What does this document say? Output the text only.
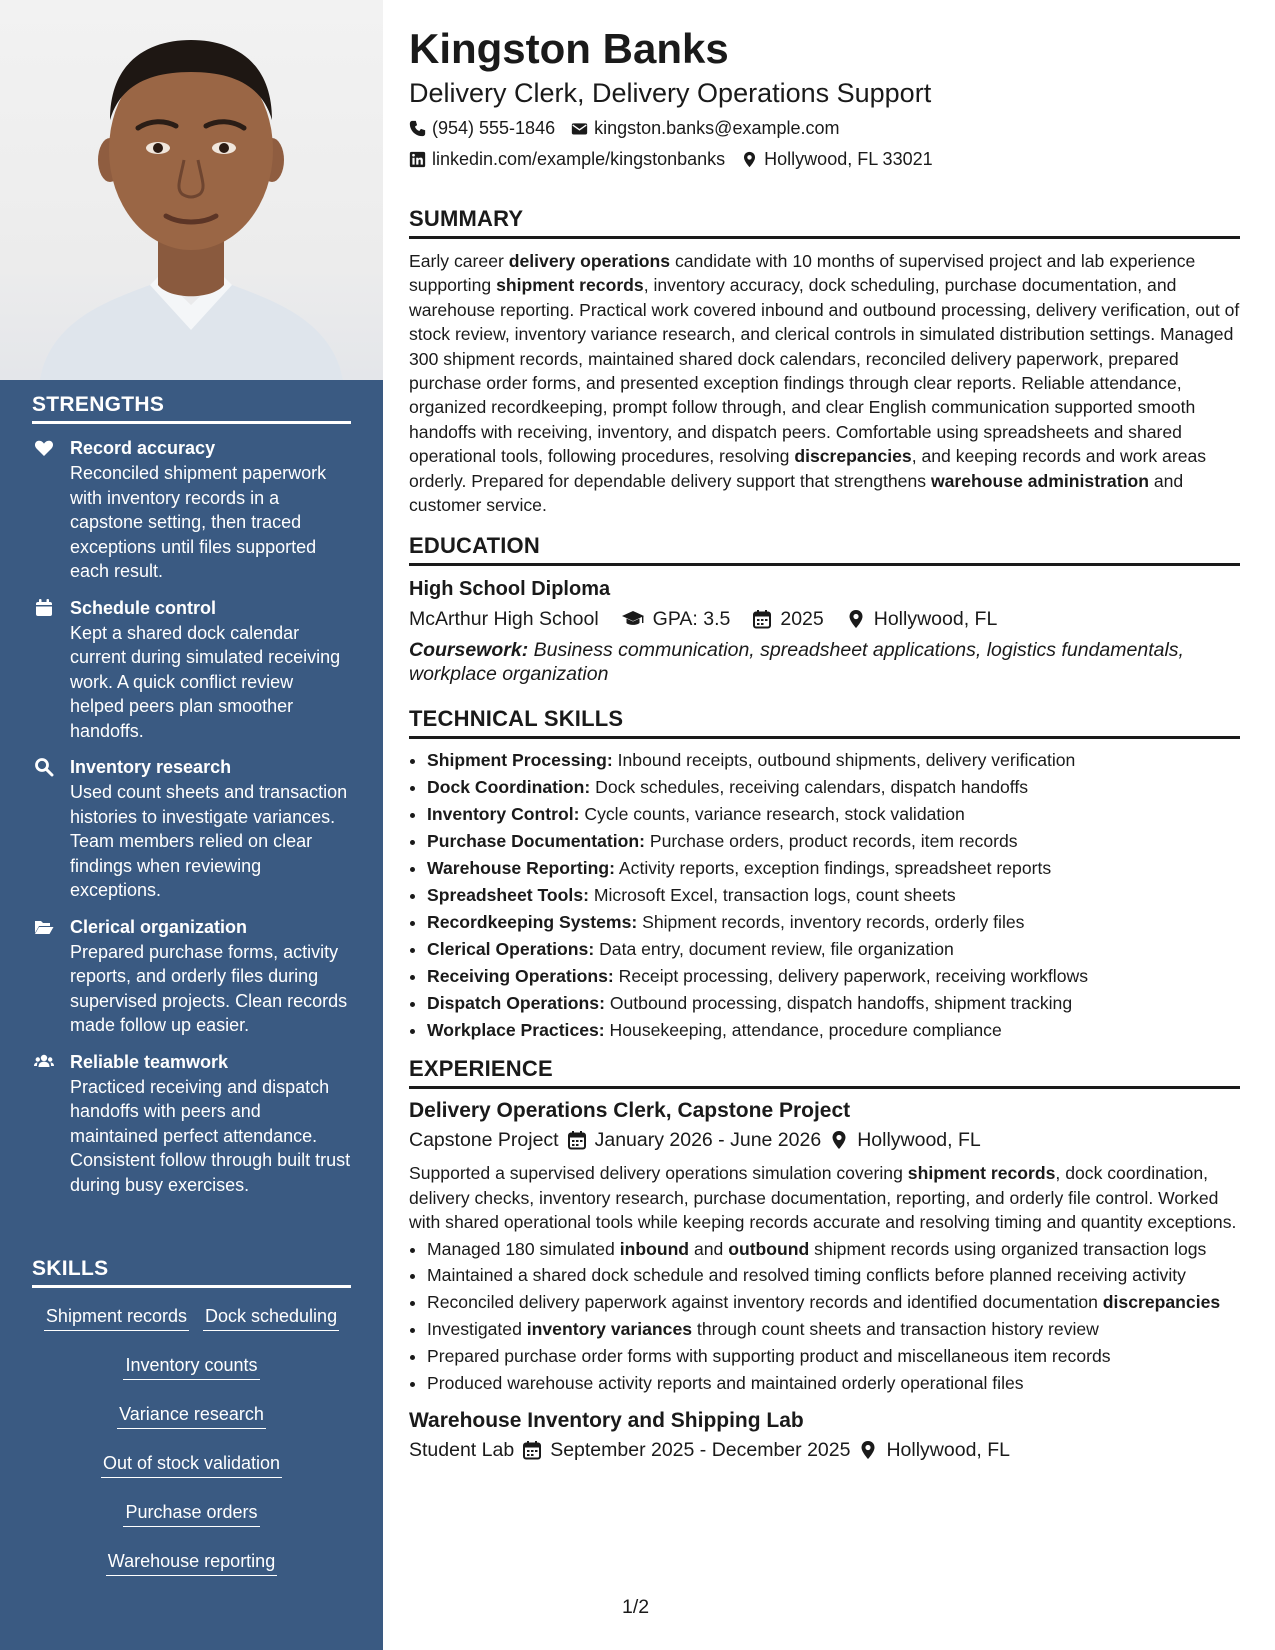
STRENGTHS
Record accuracy
Reconciled shipment paperwork with inventory records in a capstone setting, then traced exceptions until files supported each result.
Schedule control
Kept a shared dock calendar current during simulated receiving work. A quick conflict review helped peers plan smoother handoffs.
Inventory research
Used count sheets and transaction histories to investigate variances. Team members relied on clear findings when reviewing exceptions.
Clerical organization
Prepared purchase forms, activity reports, and orderly files during supervised projects. Clean records made follow up easier.
Reliable teamwork
Practiced receiving and dispatch handoffs with peers and maintained perfect attendance. Consistent follow through built trust during busy exercises.
SKILLS
Shipment records Dock scheduling
Inventory counts
Variance research
Out of stock validation
Purchase orders
Warehouse reporting
Kingston Banks

Delivery Clerk, Delivery Operations Support

(954) 555-1846 kingston.banks@example.com
linkedin.com/example/kingstonbanks Hollywood, FL 33021
SUMMARY

Early career delivery operations candidate with 10 months of supervised project and lab experience supporting shipment records, inventory accuracy, dock scheduling, purchase documentation, and warehouse reporting. Practical work covered inbound and outbound processing, delivery verification, out of stock review, inventory variance research, and clerical controls in simulated distribution settings. Managed 300 shipment records, maintained shared dock calendars, reconciled delivery paperwork, prepared purchase order forms, and presented exception findings through clear reports. Reliable attendance, organized recordkeeping, prompt follow through, and clear English communication supported smooth handoffs with receiving, inventory, and dispatch peers. Comfortable using spreadsheets and shared operational tools, following procedures, resolving discrepancies, and keeping records and work areas orderly. Prepared for dependable delivery support that strengthens warehouse administration and customer service.

EDUCATION
High School Diploma
McArthur High School	GPA: 3.5	2025	Hollywood, FL
Coursework: Business communication, spreadsheet applications, logistics fundamentals, workplace organization
TECHNICAL SKILLS
• Shipment Processing: Inbound receipts, outbound shipments, delivery verification
• Dock Coordination: Dock schedules, receiving calendars, dispatch handoffs
• Inventory Control: Cycle counts, variance research, stock validation
• Purchase Documentation: Purchase orders, product records, item records
• Warehouse Reporting: Activity reports, exception findings, spreadsheet reports
• Spreadsheet Tools: Microsoft Excel, transaction logs, count sheets
• Recordkeeping Systems: Shipment records, inventory records, orderly files
• Clerical Operations: Data entry, document review, file organization
• Receiving Operations: Receipt processing, delivery paperwork, receiving workflows
• Dispatch Operations: Outbound processing, dispatch handoffs, shipment tracking
• Workplace Practices: Housekeeping, attendance, procedure compliance
EXPERIENCE
Delivery Operations Clerk, Capstone Project
Capstone Project January 2026 - June 2026 Hollywood, FL
Supported a supervised delivery operations simulation covering shipment records, dock coordination, delivery checks, inventory research, purchase documentation, reporting, and orderly file control. Worked with shared operational tools while keeping records accurate and resolving timing and quantity exceptions.
• Managed 180 simulated inbound and outbound shipment records using organized transaction logs
• Maintained a shared dock schedule and resolved timing conflicts before planned receiving activity
• Reconciled delivery paperwork against inventory records and identified documentation discrepancies
• Investigated inventory variances through count sheets and transaction history review
• Prepared purchase order forms with supporting product and miscellaneous item records
• Produced warehouse activity reports and maintained orderly operational files
Warehouse Inventory and Shipping Lab
Student Lab September 2025 - December 2025 Hollywood, FL
1/2
